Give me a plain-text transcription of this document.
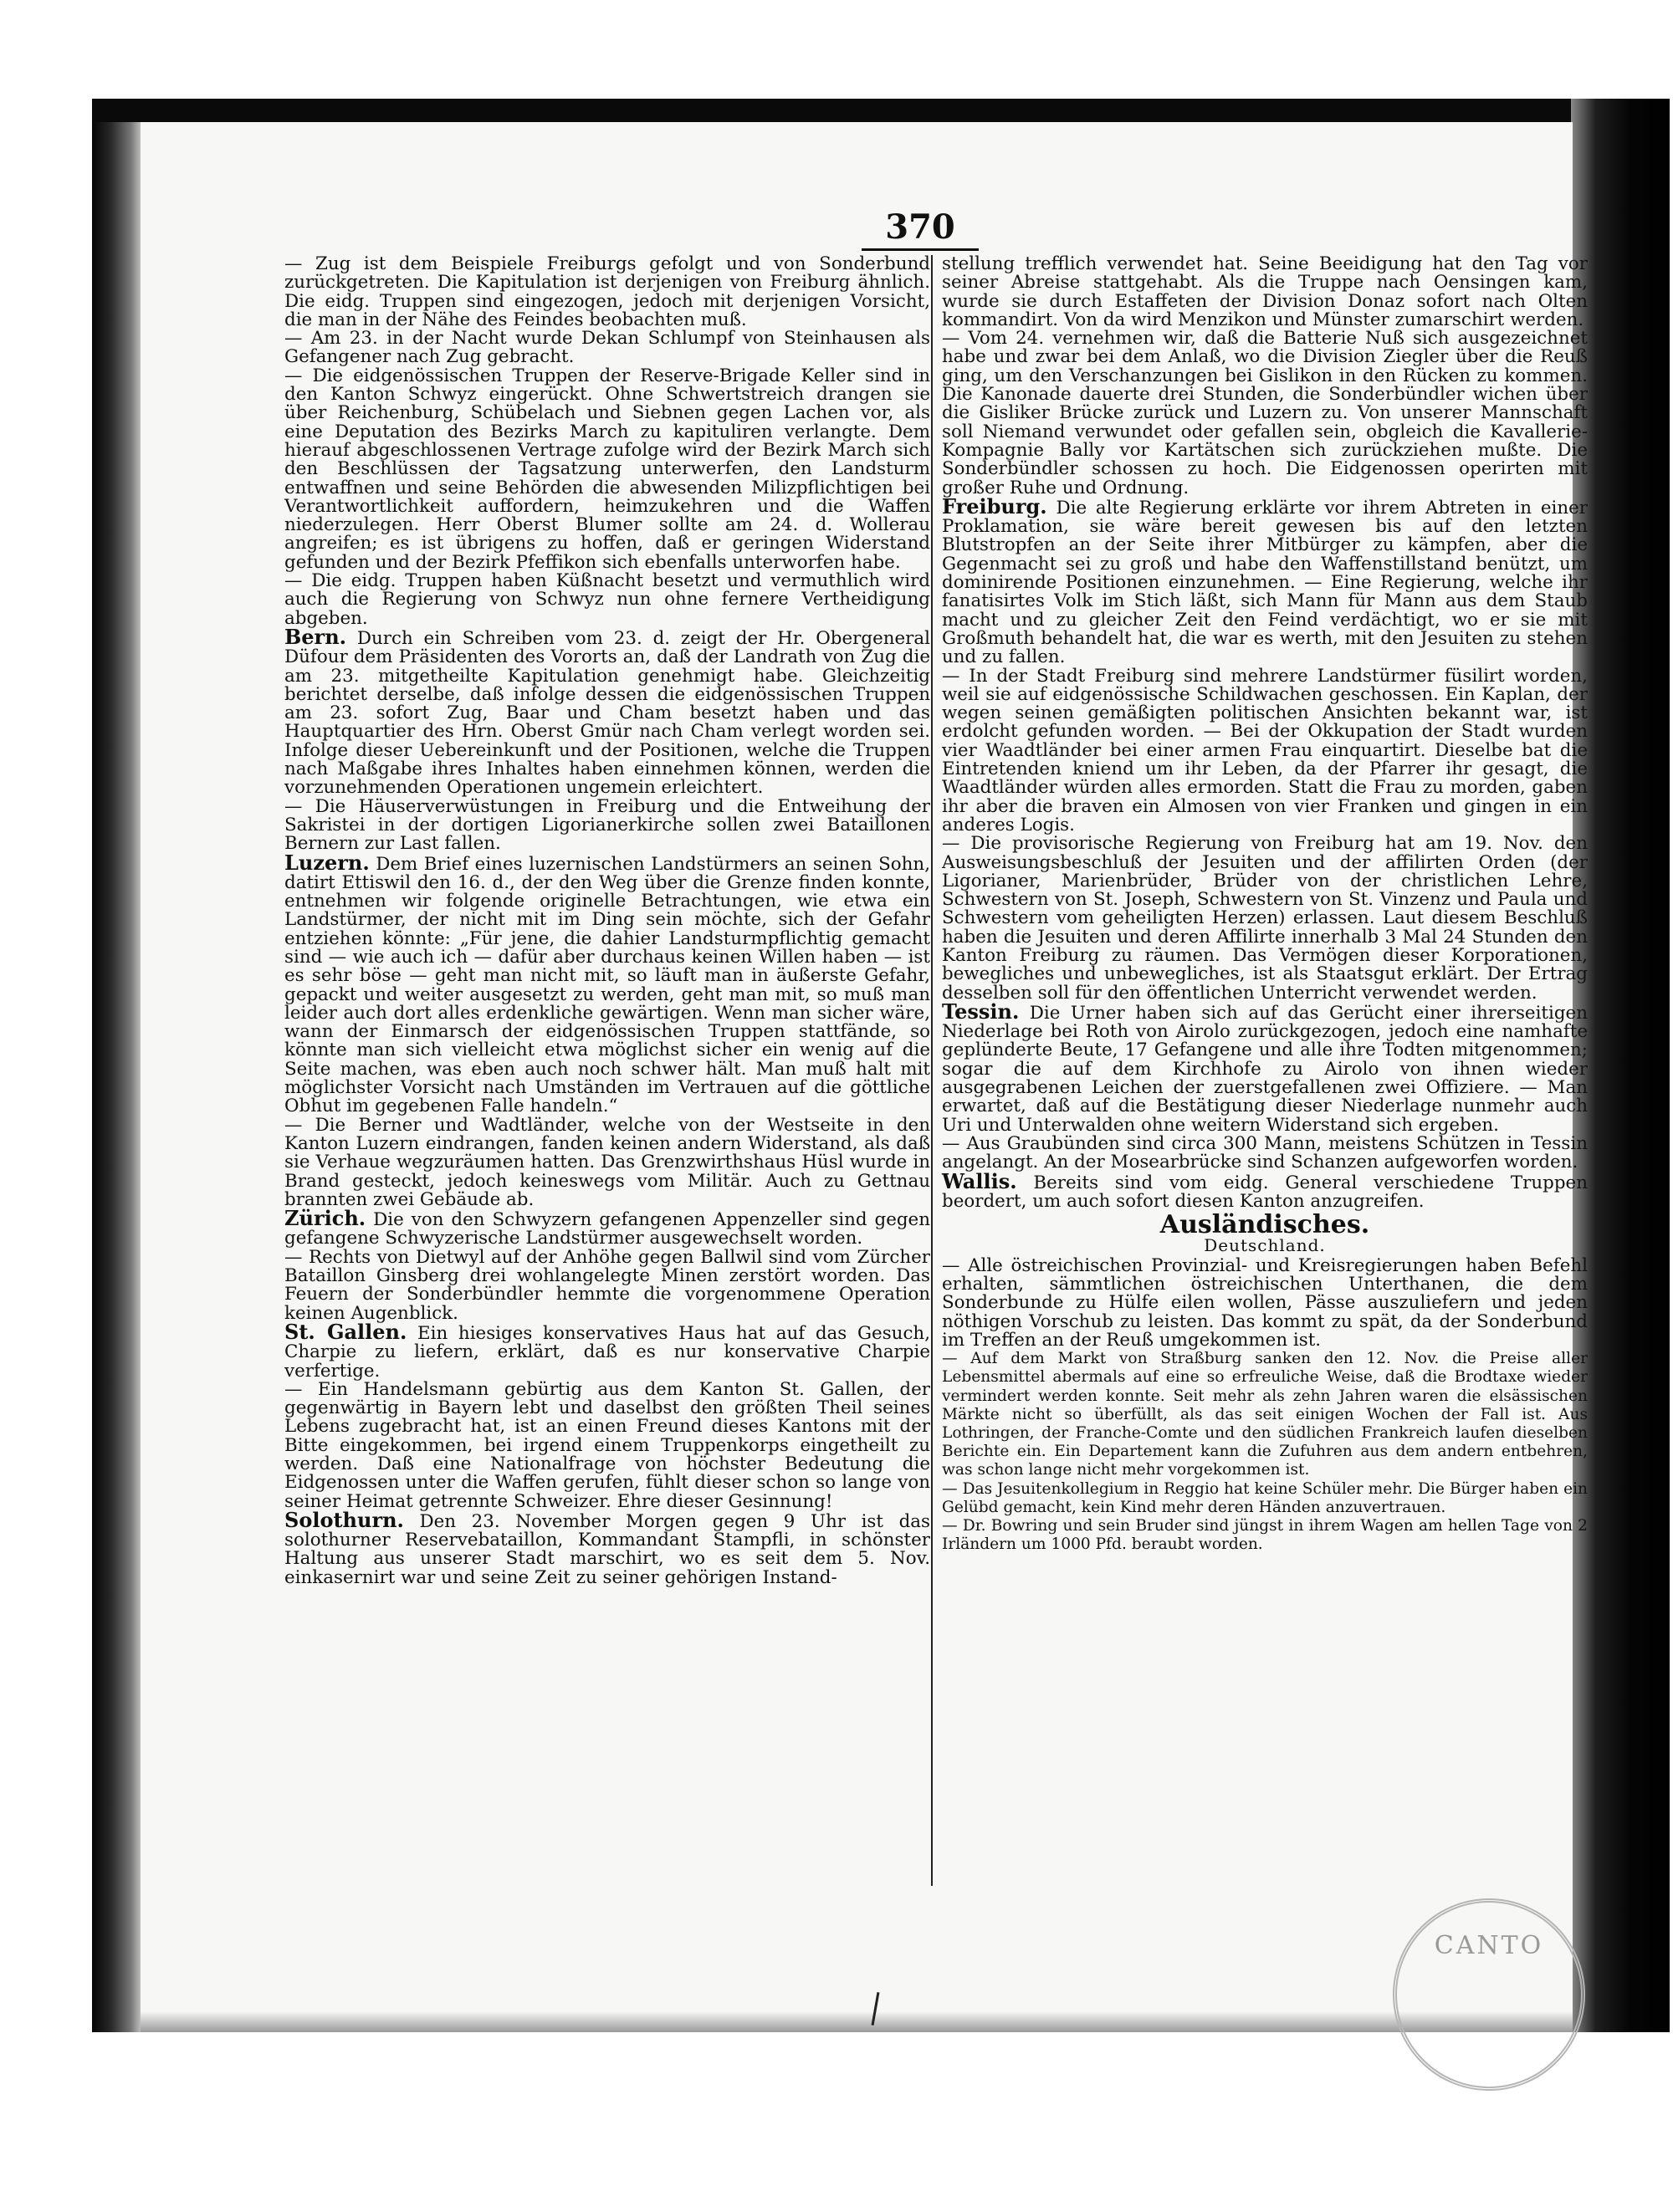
370

— Zug ist dem Beispiele Freiburgs gefolgt und von Sonderbund zurückgetreten. Die Kapitulation ist derjenigen von Freiburg ähnlich. Die eidg. Truppen sind eingezogen, jedoch mit derjenigen Vorsicht, die man in der Nähe des Feindes beobachten muß.

— Am 23. in der Nacht wurde Dekan Schlumpf von Steinhausen als Gefangener nach Zug gebracht.

— Die eidgenössischen Truppen der Reserve-Brigade Keller sind in den Kanton Schwyz eingerückt. Ohne Schwertstreich drangen sie über Reichenburg, Schübelach und Siebnen gegen Lachen vor, als eine Deputation des Bezirks March zu kapituliren verlangte. Dem hierauf abgeschlossenen Vertrage zufolge wird der Bezirk March sich den Beschlüssen der Tagsatzung unterwerfen, den Landsturm entwaffnen und seine Behörden die abwesenden Milizpflichtigen bei Verantwortlichkeit auffordern, heimzukehren und die Waffen niederzulegen. Herr Oberst Blumer sollte am 24. d. Wollerau angreifen; es ist übrigens zu hoffen, daß er geringen Widerstand gefunden und der Bezirk Pfeffikon sich ebenfalls unterworfen habe.

— Die eidg. Truppen haben Küßnacht besetzt und vermuthlich wird auch die Regierung von Schwyz nun ohne fernere Vertheidigung abgeben.

Bern. Durch ein Schreiben vom 23. d. zeigt der Hr. Obergeneral Düfour dem Präsidenten des Vororts an, daß der Landrath von Zug die am 23. mitgetheilte Kapitulation genehmigt habe. Gleichzeitig berichtet derselbe, daß infolge dessen die eidgenössischen Truppen am 23. sofort Zug, Baar und Cham besetzt haben und das Hauptquartier des Hrn. Oberst Gmür nach Cham verlegt worden sei. Infolge dieser Uebereinkunft und der Positionen, welche die Truppen nach Maßgabe ihres Inhaltes haben einnehmen können, werden die vorzunehmenden Operationen ungemein erleichtert.

— Die Häuserverwüstungen in Freiburg und die Entweihung der Sakristei in der dortigen Ligorianerkirche sollen zwei Bataillonen Bernern zur Last fallen.

Luzern. Dem Brief eines luzernischen Landstürmers an seinen Sohn, datirt Ettiswil den 16. d., der den Weg über die Grenze finden konnte, entnehmen wir folgende originelle Betrachtungen, wie etwa ein Landstürmer, der nicht mit im Ding sein möchte, sich der Gefahr entziehen könnte: „Für jene, die dahier Landsturmpflichtig gemacht sind — wie auch ich — dafür aber durchaus keinen Willen haben — ist es sehr böse — geht man nicht mit, so läuft man in äußerste Gefahr, gepackt und weiter ausgesetzt zu werden, geht man mit, so muß man leider auch dort alles erdenkliche gewärtigen. Wenn man sicher wäre, wann der Einmarsch der eidgenössischen Truppen stattfände, so könnte man sich vielleicht etwa möglichst sicher ein wenig auf die Seite machen, was eben auch noch schwer hält. Man muß halt mit möglichster Vorsicht nach Umständen im Vertrauen auf die göttliche Obhut im gegebenen Falle handeln.“

— Die Berner und Wadtländer, welche von der Westseite in den Kanton Luzern eindrangen, fanden keinen andern Widerstand, als daß sie Verhaue wegzuräumen hatten. Das Grenzwirthshaus Hüsl wurde in Brand gesteckt, jedoch keineswegs vom Militär. Auch zu Gettnau brannten zwei Gebäude ab.

Zürich. Die von den Schwyzern gefangenen Appenzeller sind gegen gefangene Schwyzerische Landstürmer ausgewechselt worden.

— Rechts von Dietwyl auf der Anhöhe gegen Ballwil sind vom Zürcher Bataillon Ginsberg drei wohlangelegte Minen zerstört worden. Das Feuern der Sonderbündler hemmte die vorgenommene Operation keinen Augenblick.

St. Gallen. Ein hiesiges konservatives Haus hat auf das Gesuch, Charpie zu liefern, erklärt, daß es nur konservative Charpie verfertige.

— Ein Handelsmann gebürtig aus dem Kanton St. Gallen, der gegenwärtig in Bayern lebt und daselbst den größten Theil seines Lebens zugebracht hat, ist an einen Freund dieses Kantons mit der Bitte eingekommen, bei irgend einem Truppenkorps eingetheilt zu werden. Daß eine Nationalfrage von höchster Bedeutung die Eidgenossen unter die Waffen gerufen, fühlt dieser schon so lange von seiner Heimat getrennte Schweizer. Ehre dieser Gesinnung!

Solothurn. Den 23. November Morgen gegen 9 Uhr ist das solothurner Reservebataillon, Kommandant Stampfli, in schönster Haltung aus unserer Stadt marschirt, wo es seit dem 5. Nov. einkasernirt war und seine Zeit zu seiner gehörigen Instand-

stellung trefflich verwendet hat. Seine Beeidigung hat den Tag vor seiner Abreise stattgehabt. Als die Truppe nach Oensingen kam, wurde sie durch Estaffeten der Division Donaz sofort nach Olten kommandirt. Von da wird Menzikon und Münster zumarschirt werden.

— Vom 24. vernehmen wir, daß die Batterie Nuß sich ausgezeichnet habe und zwar bei dem Anlaß, wo die Division Ziegler über die Reuß ging, um den Verschanzungen bei Gislikon in den Rücken zu kommen. Die Kanonade dauerte drei Stunden, die Sonderbündler wichen über die Gisliker Brücke zurück und Luzern zu. Von unserer Mannschaft soll Niemand verwundet oder gefallen sein, obgleich die Kavallerie-Kompagnie Bally vor Kartätschen sich zurückziehen mußte. Die Sonderbündler schossen zu hoch. Die Eidgenossen operirten mit großer Ruhe und Ordnung.

Freiburg. Die alte Regierung erklärte vor ihrem Abtreten in einer Proklamation, sie wäre bereit gewesen bis auf den letzten Blutstropfen an der Seite ihrer Mitbürger zu kämpfen, aber die Gegenmacht sei zu groß und habe den Waffenstillstand benützt, um dominirende Positionen einzunehmen. — Eine Regierung, welche ihr fanatisirtes Volk im Stich läßt, sich Mann für Mann aus dem Staub macht und zu gleicher Zeit den Feind verdächtigt, wo er sie mit Großmuth behandelt hat, die war es werth, mit den Jesuiten zu stehen und zu fallen.

— In der Stadt Freiburg sind mehrere Landstürmer füsilirt worden, weil sie auf eidgenössische Schildwachen geschossen. Ein Kaplan, der wegen seinen gemäßigten politischen Ansichten bekannt war, ist erdolcht gefunden worden. — Bei der Okkupation der Stadt wurden vier Waadtländer bei einer armen Frau einquartirt. Dieselbe bat die Eintretenden kniend um ihr Leben, da der Pfarrer ihr gesagt, die Waadtländer würden alles ermorden. Statt die Frau zu morden, gaben ihr aber die braven ein Almosen von vier Franken und gingen in ein anderes Logis.

— Die provisorische Regierung von Freiburg hat am 19. Nov. den Ausweisungsbeschluß der Jesuiten und der affilirten Orden (der Ligorianer, Marienbrüder, Brüder von der christlichen Lehre, Schwestern von St. Joseph, Schwestern von St. Vinzenz und Paula und Schwestern vom geheiligten Herzen) erlassen. Laut diesem Beschluß haben die Jesuiten und deren Affilirte innerhalb 3 Mal 24 Stunden den Kanton Freiburg zu räumen. Das Vermögen dieser Korporationen, bewegliches und unbewegliches, ist als Staatsgut erklärt. Der Ertrag desselben soll für den öffentlichen Unterricht verwendet werden.

Tessin. Die Urner haben sich auf das Gerücht einer ihrerseitigen Niederlage bei Roth von Airolo zurückgezogen, jedoch eine namhafte geplünderte Beute, 17 Gefangene und alle ihre Todten mitgenommen; sogar die auf dem Kirchhofe zu Airolo von ihnen wieder ausgegrabenen Leichen der zuerstgefallenen zwei Offiziere. — Man erwartet, daß auf die Bestätigung dieser Niederlage nunmehr auch Uri und Unterwalden ohne weitern Widerstand sich ergeben.

— Aus Graubünden sind circa 300 Mann, meistens Schützen in Tessin angelangt. An der Mosearbrücke sind Schanzen aufgeworfen worden.

Wallis. Bereits sind vom eidg. General verschiedene Truppen beordert, um auch sofort diesen Kanton anzugreifen.

Ausländisches.
Deutschland.

— Alle östreichischen Provinzial- und Kreisregierungen haben Befehl erhalten, sämmtlichen östreichischen Unterthanen, die dem Sonderbunde zu Hülfe eilen wollen, Pässe auszuliefern und jeden nöthigen Vorschub zu leisten. Das kommt zu spät, da der Sonderbund im Treffen an der Reuß umgekommen ist.

— Auf dem Markt von Straßburg sanken den 12. Nov. die Preise aller Lebensmittel abermals auf eine so erfreuliche Weise, daß die Brodtaxe wieder vermindert werden konnte. Seit mehr als zehn Jahren waren die elsässischen Märkte nicht so überfüllt, als das seit einigen Wochen der Fall ist. Aus Lothringen, der Franche-Comte und den südlichen Frankreich laufen dieselben Berichte ein. Ein Departement kann die Zufuhren aus dem andern entbehren, was schon lange nicht mehr vorgekommen ist.

— Das Jesuitenkollegium in Reggio hat keine Schüler mehr. Die Bürger haben ein Gelübd gemacht, kein Kind mehr deren Händen anzuvertrauen.

— Dr. Bowring und sein Bruder sind jüngst in ihrem Wagen am hellen Tage von 2 Irländern um 1000 Pfd. beraubt worden.

CANTO
